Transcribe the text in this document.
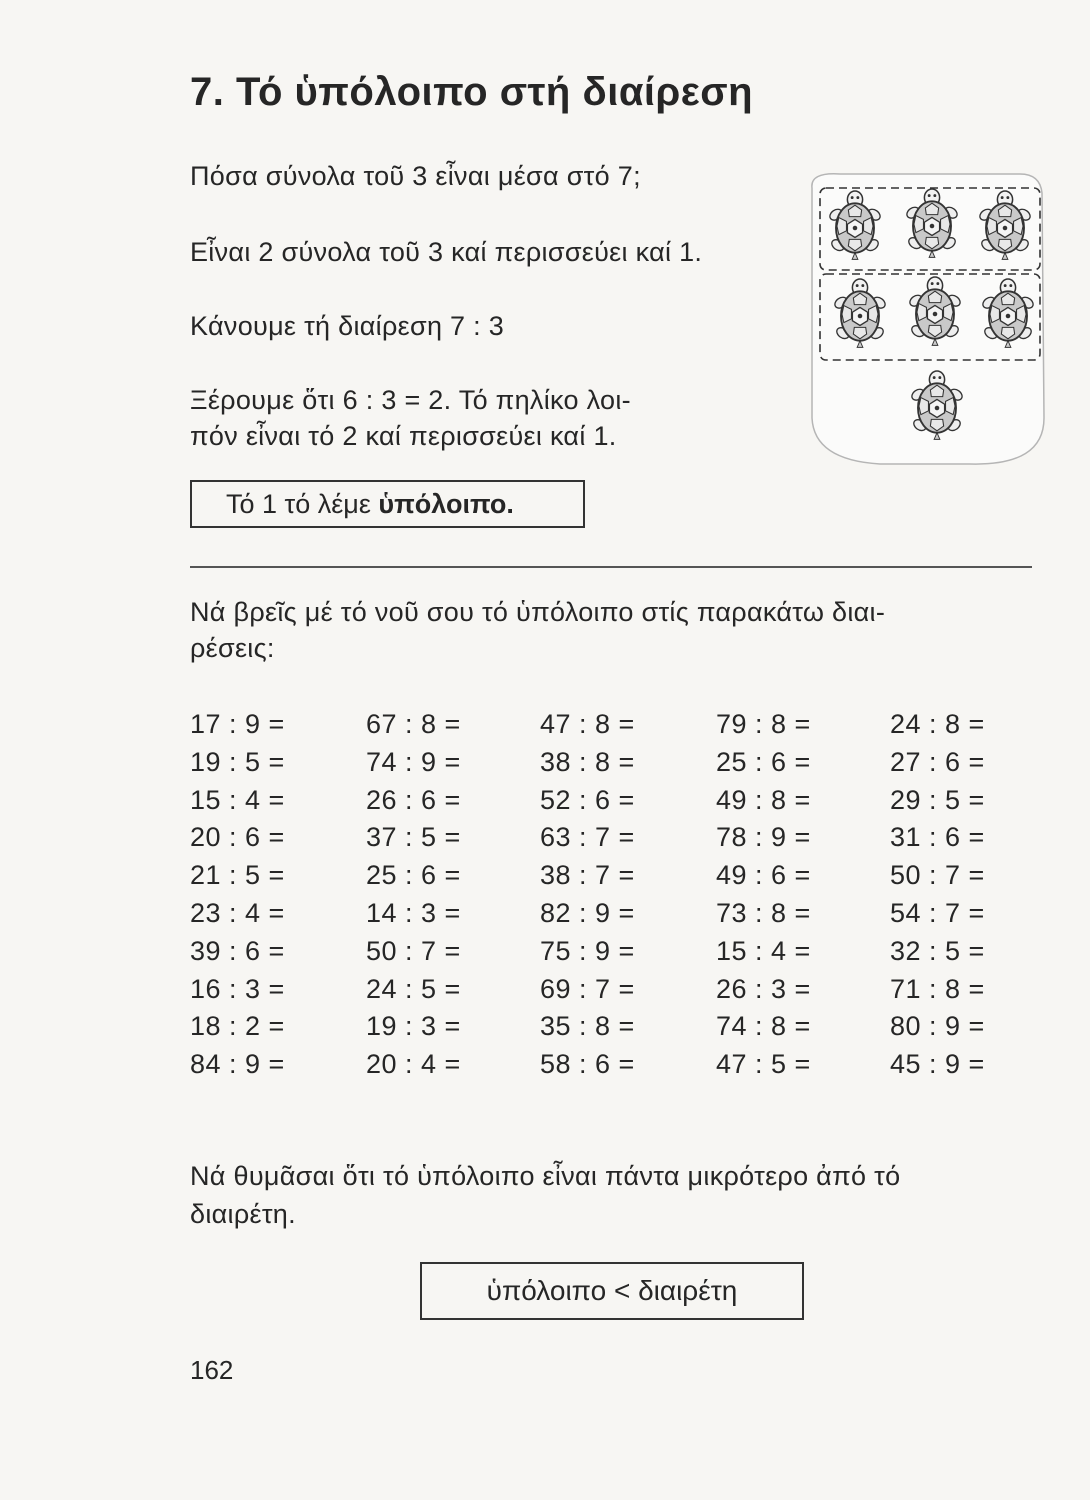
7. Τό ὑπόλοιπο στή διαίρεση

Πόσα σύνολα τοῦ 3 εἶναι μέσα στό 7;

Εἶναι 2 σύνολα τοῦ 3 καί περισσεύει καί 1.

Κάνουμε τή διαίρεση 7 : 3

Ξέρουμε ὅτι 6 : 3 = 2. Τό πηλίκο λοι-

πόν εἶναι τό 2 καί περισσεύει καί 1.

Τό 1 τό λέμε ὑπόλοιπο.

Νά βρεῖς μέ τό νοῦ σου τό ὑπόλοιπο στίς παρακάτω διαι-

ρέσεις:

17 : 9 =	67 : 8 =	47 : 8 =	79 : 8 =	24 : 8 =
19 : 5 =	74 : 9 =	38 : 8 =	25 : 6 =	27 : 6 =
15 : 4 =	26 : 6 =	52 : 6 =	49 : 8 =	29 : 5 =
20 : 6 =	37 : 5 =	63 : 7 =	78 : 9 =	31 : 6 =
21 : 5 =	25 : 6 =	38 : 7 =	49 : 6 =	50 : 7 =
23 : 4 =	14 : 3 =	82 : 9 =	73 : 8 =	54 : 7 =
39 : 6 =	50 : 7 =	75 : 9 =	15 : 4 =	32 : 5 =
16 : 3 =	24 : 5 =	69 : 7 =	26 : 3 =	71 : 8 =
18 : 2 =	19 : 3 =	35 : 8 =	74 : 8 =	80 : 9 =
84 : 9 =	20 : 4 =	58 : 6 =	47 : 5 =	45 : 9 =

Νά θυμᾶσαι ὅτι τό ὑπόλοιπο εἶναι πάντα μικρότερο ἀπό τό

διαιρέτη.

ὑπόλοιπο < διαιρέτη
162
